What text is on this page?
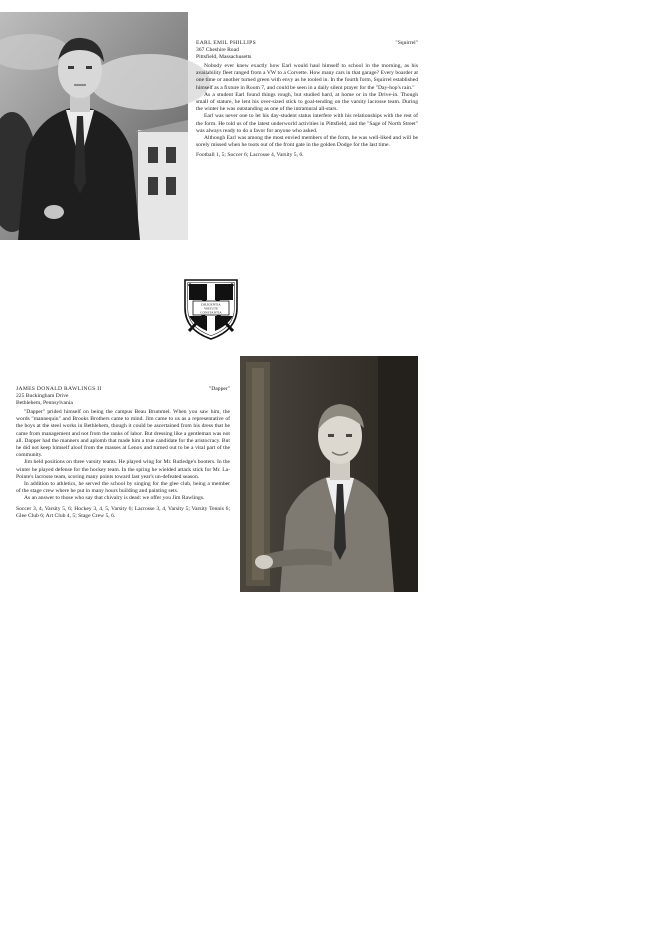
EARL EMIL PHILLIPS	"Squirrel"
367 Cheshire Road
Pittsfield, Massachusetts

Nobody ever knew exactly how Earl would haul himself to school in the morning, as his availability fleet ranged from a VW to a Corvette. How many cars in that garage? Every boarder at one time or another turned green with envy as he tooled in. In the fourth form, Squirrel established himself as a fixture in Room 7, and could be seen in a daily silent prayer for the "Day-hop's rain."

As a student Earl found things rough, but studied hard, at home or in the Drive-in. Though small of stature, he lent his over-sized stick to goal-tending on the varsity lacrosse team. During the winter he was outstanding as one of the intramural all-stars.

Earl was never one to let his day-student status interfere with his relationships with the rest of the form. He told us of the latest underworld activities in Pittsfield, and the "Sage of North Street" was always ready to do a favor for anyone who asked.

Although Earl was among the most envied members of the form, he was well-liked and will be sorely missed when he toots out of the front gate in the golden Dodge for the last time.

Football 1, 5; Soccer 6; Lacrosse 4, Varsity 5, 6.
DILIGENTIA
VIRTUTE
CONSTANTIA
JAMES DONALD RAWLINGS II	"Dapper"
225 Buckingham Drive
Bethlehem, Pennsylvania

"Dapper" prided himself on being the campus Beau Brummel. When you saw him, the words "mannequin" and Brooks Brothers came to mind. Jim came to us as a representative of the boys at the steel works in Bethlehem, though it could be ascertained from his dress that he came from management and not from the ranks of labor. But dressing like a gentleman was not all. Dapper had the manners and aplomb that made him a true candidate for the aristocracy. But he did not keep himself aloof from the masses at Lenox and turned out to be a vital part of the community.

Jim held positions on three varsity teams. He played wing for Mr. Rutledge's booters. In the winter he played defense for the hockey team. In the spring he wielded attack stick for Mr. La-Pointe's lacrosse team, scoring many points toward last year's un-defeated season.

In addition to athletics, he served the school by singing for the glee club, being a member of the stage crew where he put in many hours building and painting sets.

As an answer to those who say that chivalry is dead: we offer you Jim Rawlings.

Soccer 3, 4, Varsity 5, 6; Hockey 3, 4, 5, Varsity 6; Lacrosse 3, 4, Varsity 5; Varsity Tennis 6; Glee Club 6; Art Club 4, 5; Stage Crew 5, 6.
53
